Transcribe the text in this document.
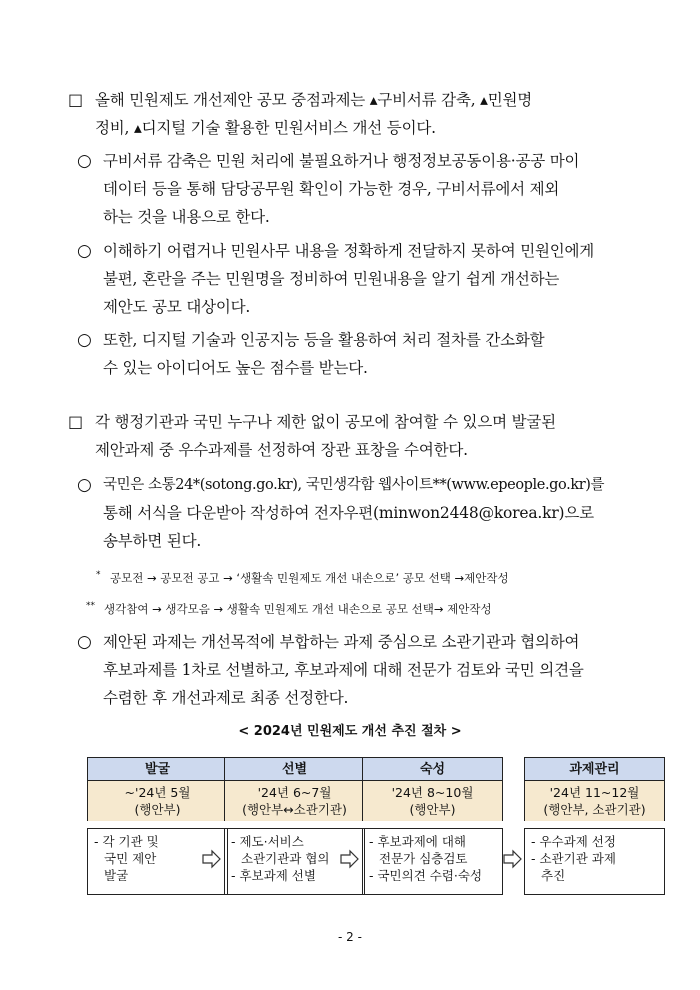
□ 올해 민원제도 개선제안 공모 중점과제는 ▴구비서류 감축, ▴민원명
정비, ▴디지털 기술 활용한 민원서비스 개선 등이다.
○ 구비서류 감축은 민원 처리에 불필요하거나 행정정보공동이용·공공 마이
데이터 등을 통해 담당공무원 확인이 가능한 경우, 구비서류에서 제외
하는 것을 내용으로 한다.
○ 이해하기 어렵거나 민원사무 내용을 정확하게 전달하지 못하여 민원인에게
불편, 혼란을 주는 민원명을 정비하여 민원내용을 알기 쉽게 개선하는
제안도 공모 대상이다.
○ 또한, 디지털 기술과 인공지능 등을 활용하여 처리 절차를 간소화할
수 있는 아이디어도 높은 점수를 받는다.
□ 각 행정기관과 국민 누구나 제한 없이 공모에 참여할 수 있으며 발굴된
제안과제 중 우수과제를 선정하여 장관 표창을 수여한다.
○ 국민은 소통24*(sotong.go.kr), 국민생각함 웹사이트**(www.epeople.go.kr)를
통해 서식을 다운받아 작성하여 전자우편(minwon2448@korea.kr)으로
송부하면 된다.
* 공모전 → 공모전 공고 → ‘생활속 민원제도 개선 내손으로’ 공모 선택 →제안작성
** 생각참여 → 생각모음 → 생활속 민원제도 개선 내손으로 공모 선택→ 제안작성
○ 제안된 과제는 개선목적에 부합하는 과제 중심으로 소관기관과 협의하여
후보과제를 1차로 선별하고, 후보과제에 대해 전문가 검토와 국민 의견을
수렴한 후 개선과제로 최종 선정한다.
< 2024년 민원제도 개선 추진 절차 >
발굴
~'24년 5월
(행안부)
- 각 기관 및
국민 제안
발굴
선별
'24년 6~7월
(행안부↔소관기관)
- 제도·서비스
소관기관과 협의
- 후보과제 선별
숙성
'24년 8~10월
(행안부)
- 후보과제에 대해
전문가 심층검토
- 국민의견 수렴·숙성
과제관리
'24년 11~12월
(행안부, 소관기관)
- 우수과제 선정
- 소관기관 과제
추진
- 2 -
